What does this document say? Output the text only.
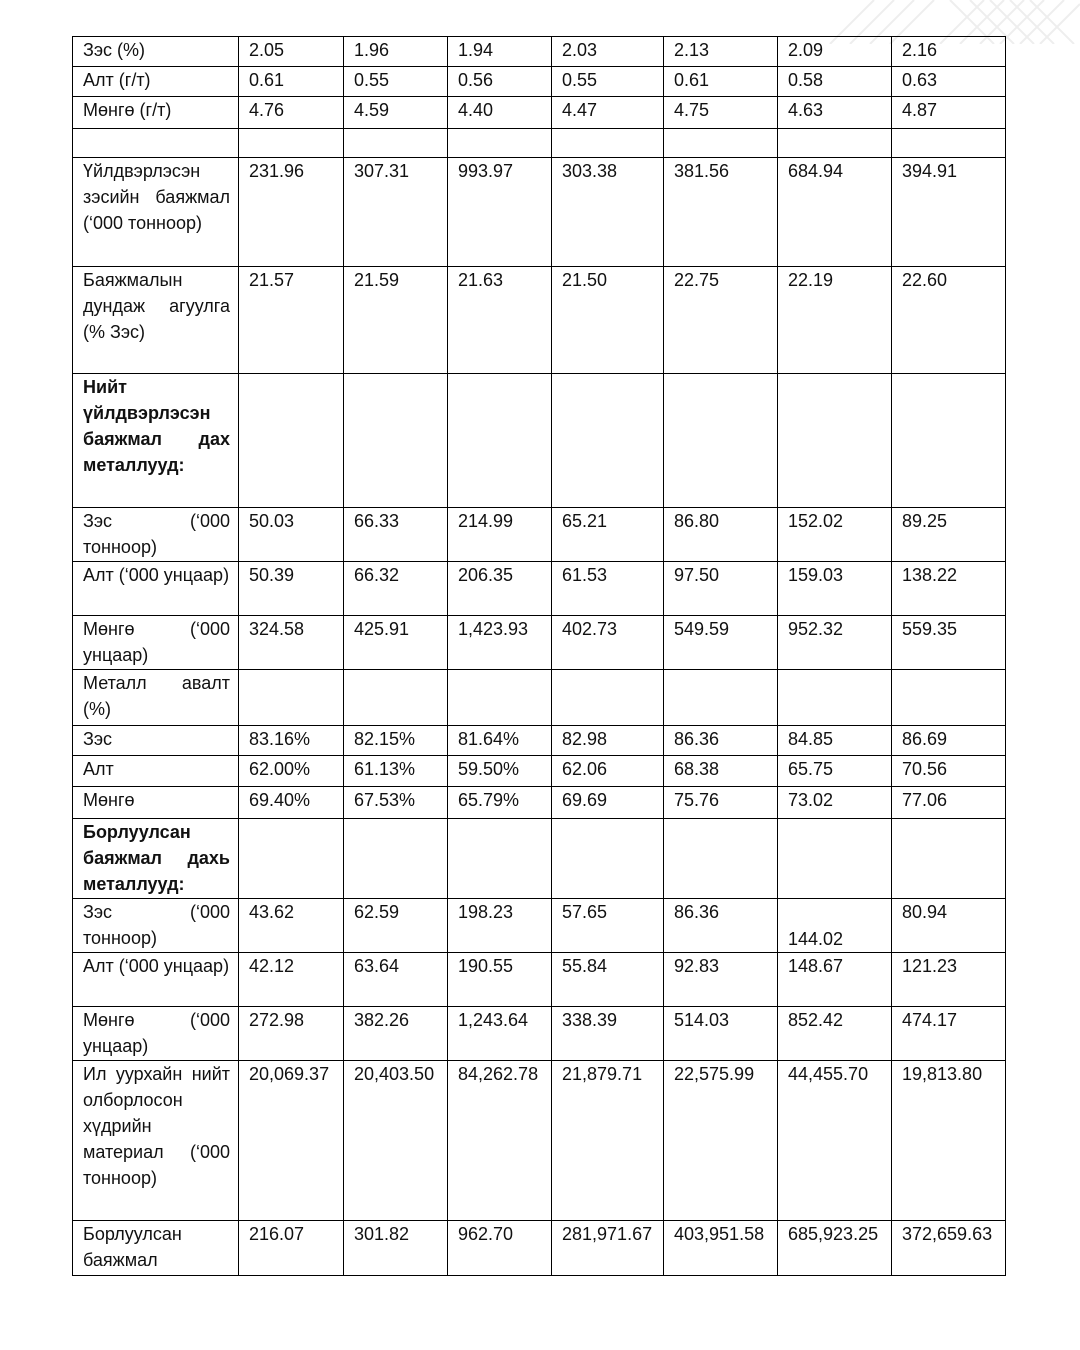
Зэс (%)	2.05	1.96	1.94	2.03	2.13	2.09	2.16
Алт (г/т)	0.61	0.55	0.56	0.55	0.61	0.58	0.63
Мөнгө (г/т)	4.76	4.59	4.40	4.47	4.75	4.63	4.87

Үйлдвэрлэсэн зэсийн баяжмал (‘000 тонноор)	231.96	307.31	993.97	303.38	381.56	684.94	394.91
Баяжмалын дундаж агуулга (% Зэс)	21.57	21.59	21.63	21.50	22.75	22.19	22.60
Нийт үйлдвэрлэсэн баяжмал дах металлууд:							
Зэс (‘000 тонноор)	50.03	66.33	214.99	65.21	86.80	152.02	89.25
Алт (‘000 унцаар)	50.39	66.32	206.35	61.53	97.50	159.03	138.22
Мөнгө (‘000 унцаар)	324.58	425.91	1,423.93	402.73	549.59	952.32	559.35
Металл авалт (%)							
Зэс	83.16%	82.15%	81.64%	82.98	86.36	84.85	86.69
Алт	62.00%	61.13%	59.50%	62.06	68.38	65.75	70.56
Мөнгө	69.40%	67.53%	65.79%	69.69	75.76	73.02	77.06
Борлуулсан баяжмал дахь металлууд:							
Зэс (‘000 тонноор)	43.62	62.59	198.23	57.65	86.36	144.02	80.94
Алт (‘000 унцаар)	42.12	63.64	190.55	55.84	92.83	148.67	121.23
Мөнгө (‘000 унцаар)	272.98	382.26	1,243.64	338.39	514.03	852.42	474.17
Ил уурхайн нийт олборлосон хүдрийн материал (‘000 тонноор)	20,069.37	20,403.50	84,262.78	21,879.71	22,575.99	44,455.70	19,813.80
Борлуулсан баяжмал	216.07	301.82	962.70	281,971.67	403,951.58	685,923.25	372,659.63
